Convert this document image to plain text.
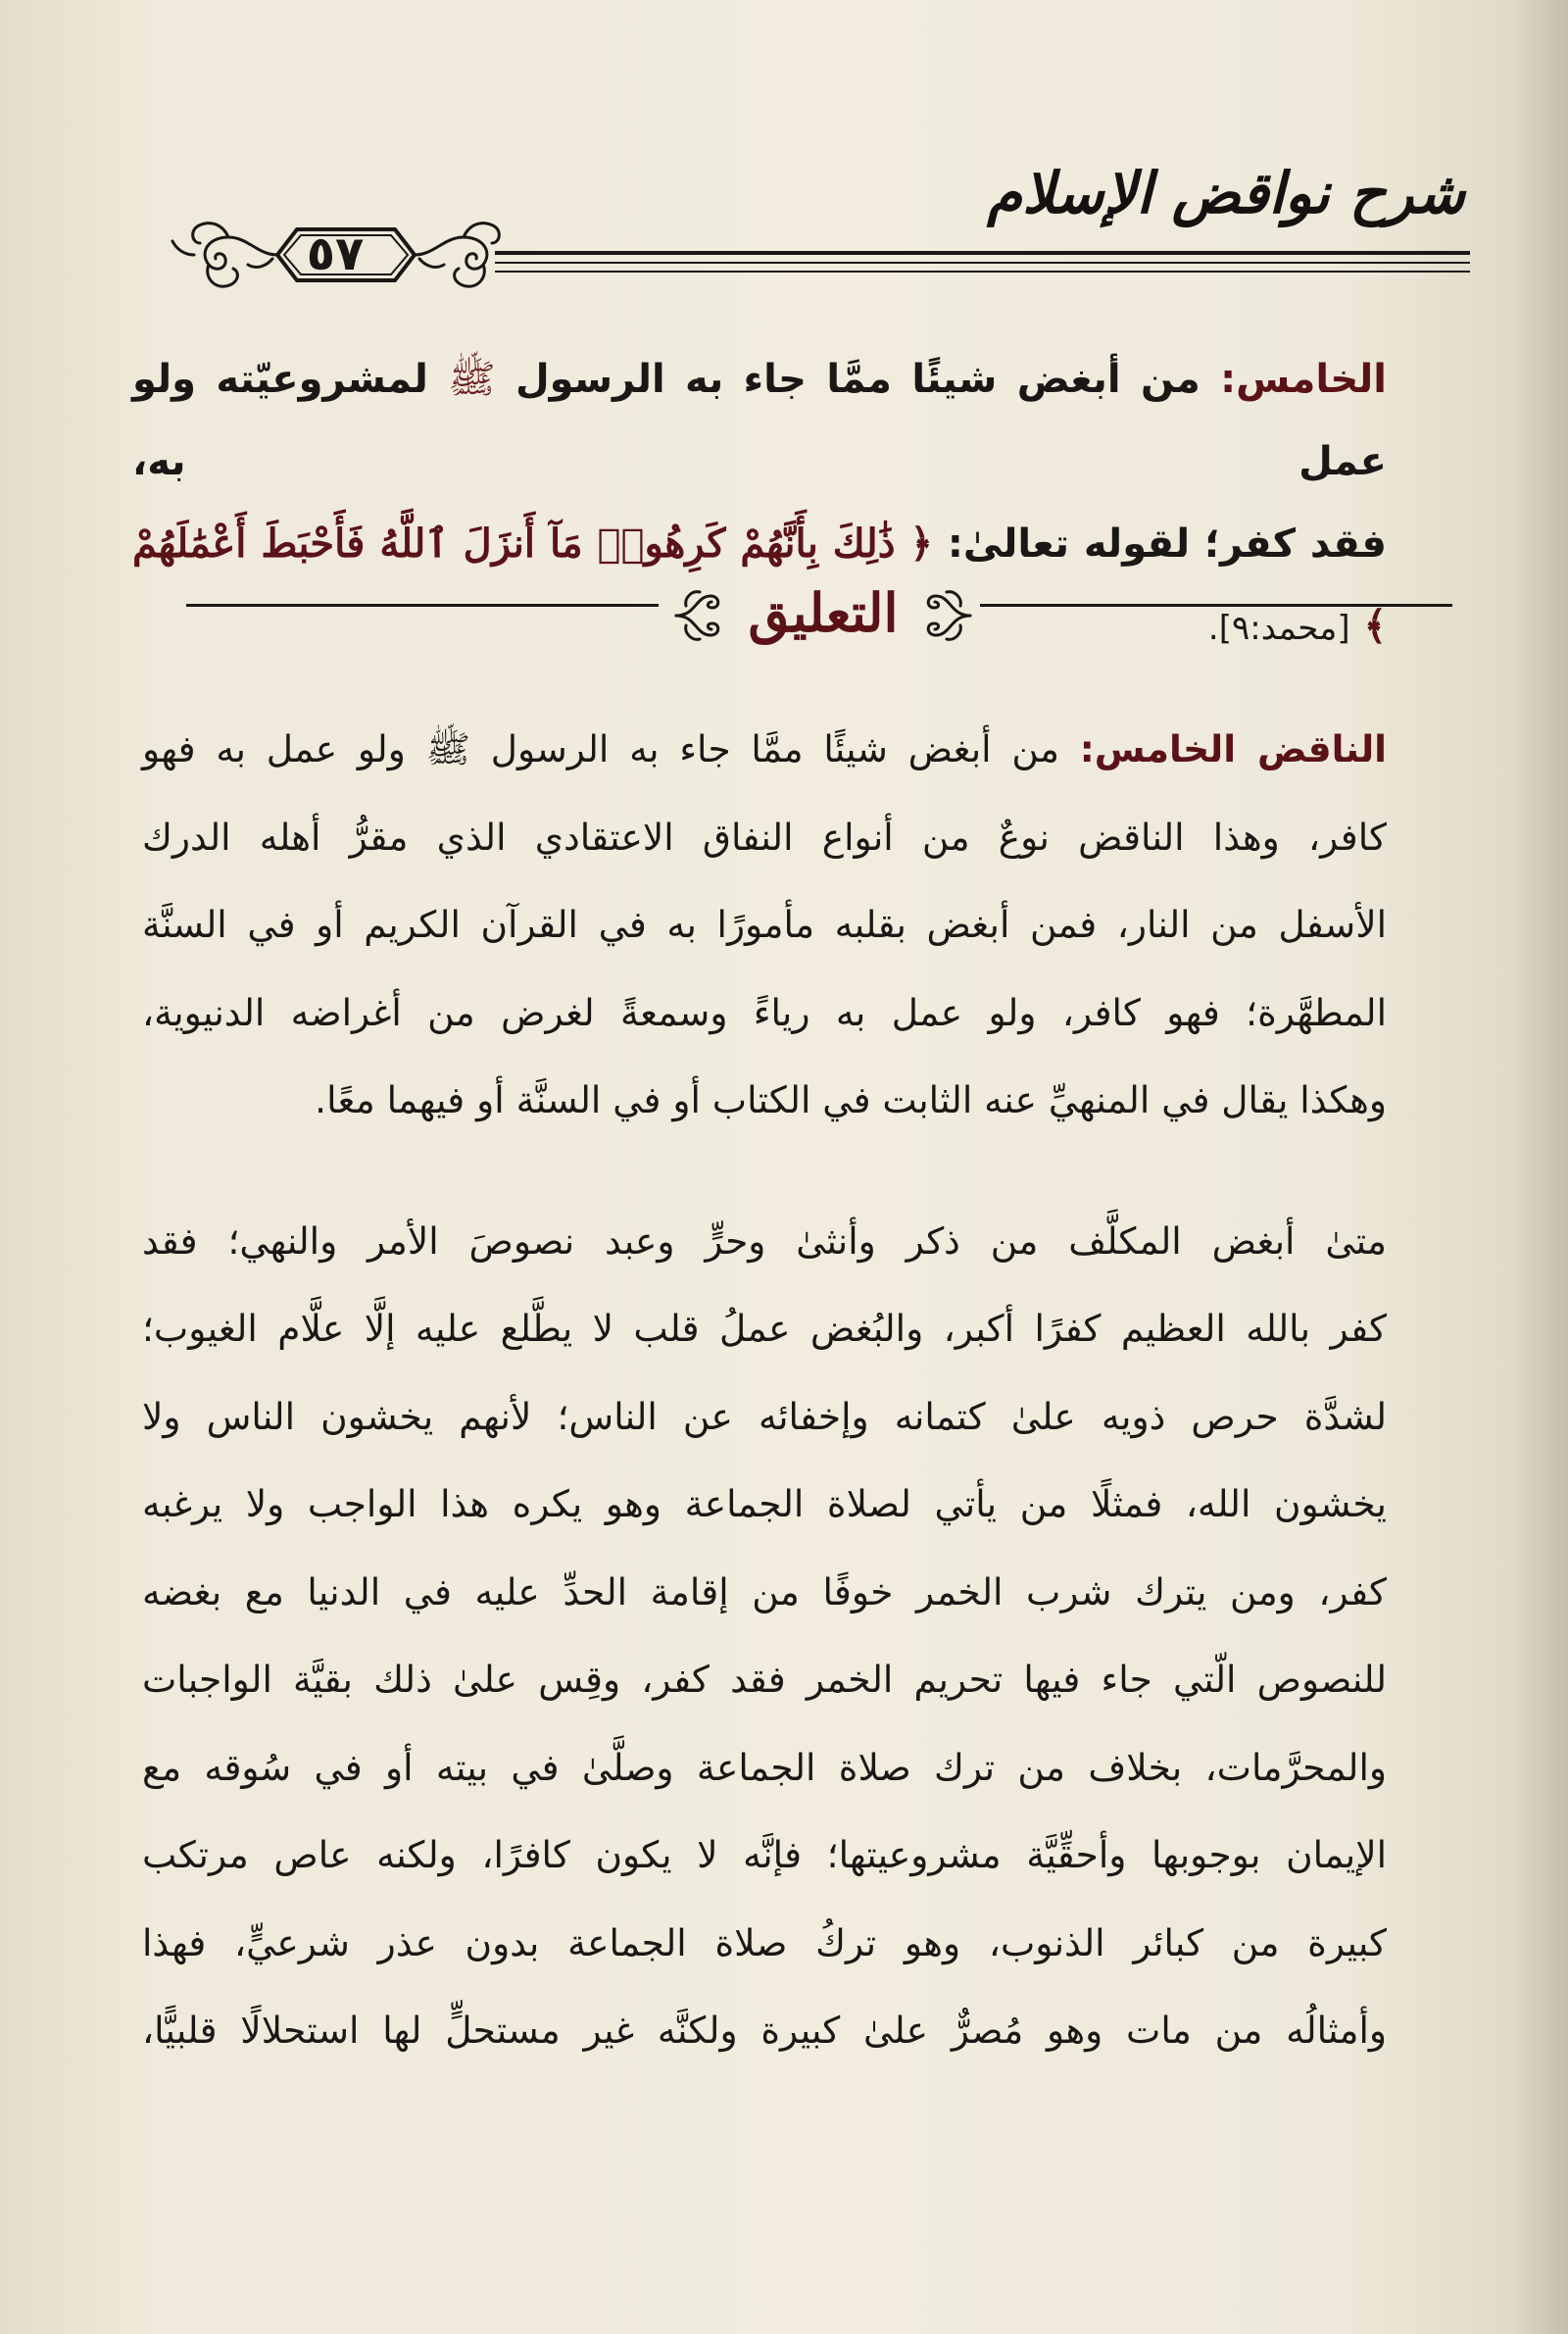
شرح نواقض الإسلام
٥٧

الخامس: من أبغض شيئًا ممَّا جاء به الرسول ﷺ لمشروعيّته ولو عمل به،

فقد كفر؛ لقوله تعالىٰ: ﴿ ذَٰلِكَ بِأَنَّهُمْ كَرِهُوا۟ مَآ أَنزَلَ ٱللَّهُ فَأَحْبَطَ أَعْمَٰلَهُمْ ﴾ [محمد:٩].

التعليق

الناقض الخامس: من أبغض شيئًا ممَّا جاء به الرسول ﷺ ولو عمل به فهو
كافر، وهذا الناقض نوعٌ من أنواع النفاق الاعتقادي الذي مقرُّ أهله الدرك
الأسفل من النار، فمن أبغض بقلبه مأمورًا به في القرآن الكريم أو في السنَّة
المطهَّرة؛ فهو كافر، ولو عمل به رياءً وسمعةً لغرض من أغراضه الدنيوية،
وهكذا يقال في المنهيِّ عنه الثابت في الكتاب أو في السنَّة أو فيهما معًا.

متىٰ أبغض المكلَّف من ذكر وأنثىٰ وحرٍّ وعبد نصوصَ الأمر والنهي؛ فقد
كفر بالله العظيم كفرًا أكبر، والبُغض عملُ قلب لا يطَّلع عليه إلَّا علَّام الغيوب؛
لشدَّة حرص ذويه علىٰ كتمانه وإخفائه عن الناس؛ لأنهم يخشون الناس ولا
يخشون الله، فمثلًا من يأتي لصلاة الجماعة وهو يكره هذا الواجب ولا يرغبه
كفر، ومن يترك شرب الخمر خوفًا من إقامة الحدِّ عليه في الدنيا مع بغضه
للنصوص الّتي جاء فيها تحريم الخمر فقد كفر، وقِس علىٰ ذلك بقيَّة الواجبات
والمحرَّمات، بخلاف من ترك صلاة الجماعة وصلَّىٰ في بيته أو في سُوقه مع
الإيمان بوجوبها وأحقِّيَّة مشروعيتها؛ فإنَّه لا يكون كافرًا، ولكنه عاص مرتكب
كبيرة من كبائر الذنوب، وهو تركُ صلاة الجماعة بدون عذر شرعيٍّ، فهذا
وأمثالُه من مات وهو مُصرٌّ علىٰ كبيرة ولكنَّه غير مستحلٍّ لها استحلالًا قلبيًّا،
